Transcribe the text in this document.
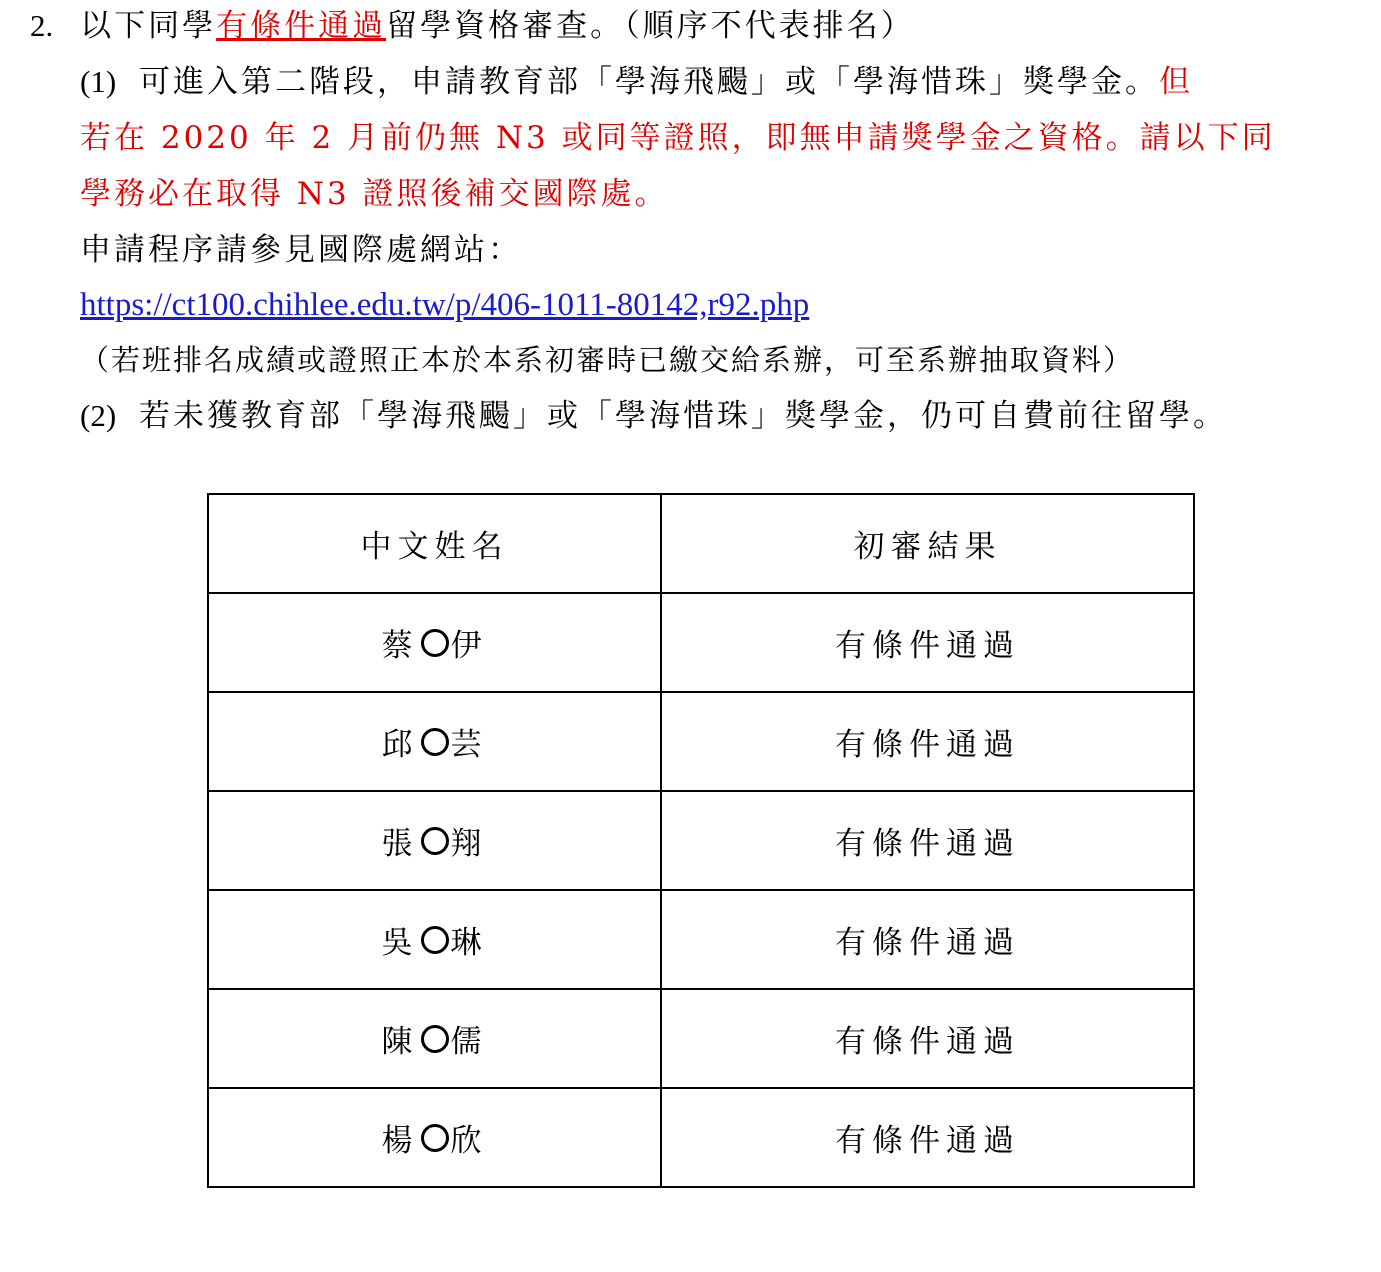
2. 以下同學有條件通過留學資格審查。（順序不代表排名）
(1) 可進入第二階段，申請教育部「學海飛颺」或「學海惜珠」獎學金。但
若在 2020 年 2 月前仍無 N3 或同等證照，即無申請獎學金之資格。請以下同
學務必在取得 N3 證照後補交國際處。
申請程序請參見國際處網站：
https://ct100.chihlee.edu.tw/p/406-1011-80142,r92.php
（若班排名成績或證照正本於本系初審時已繳交給系辦，可至系辦抽取資料）
(2) 若未獲教育部「學海飛颺」或「學海惜珠」獎學金，仍可自費前往留學。
中文姓名	初審結果
蔡 伊	有條件通過
邱 芸	有條件通過
張 翔	有條件通過
吳 琳	有條件通過
陳 儒	有條件通過
楊 欣	有條件通過
